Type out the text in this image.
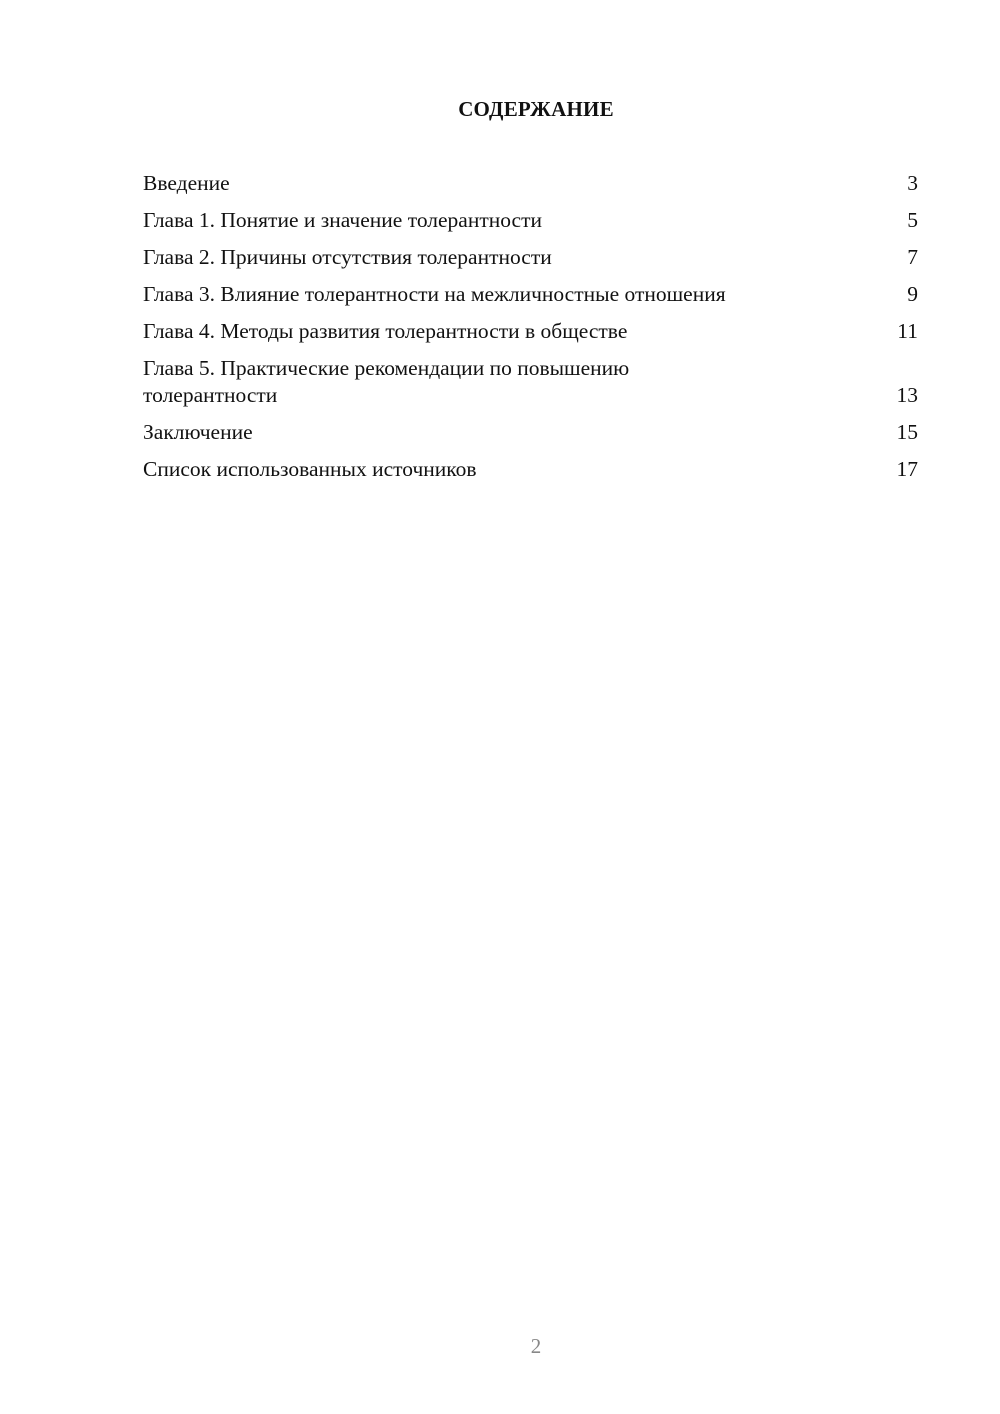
СОДЕРЖАНИЕ
Введение	3
Глава 1. Понятие и значение толерантности	5
Глава 2. Причины отсутствия толерантности	7
Глава 3. Влияние толерантности на межличностные отношения	9
Глава 4. Методы развития толерантности в обществе	11
Глава 5. Практические рекомендации по повышению толерантности	13
Заключение	15
Список использованных источников	17
2
